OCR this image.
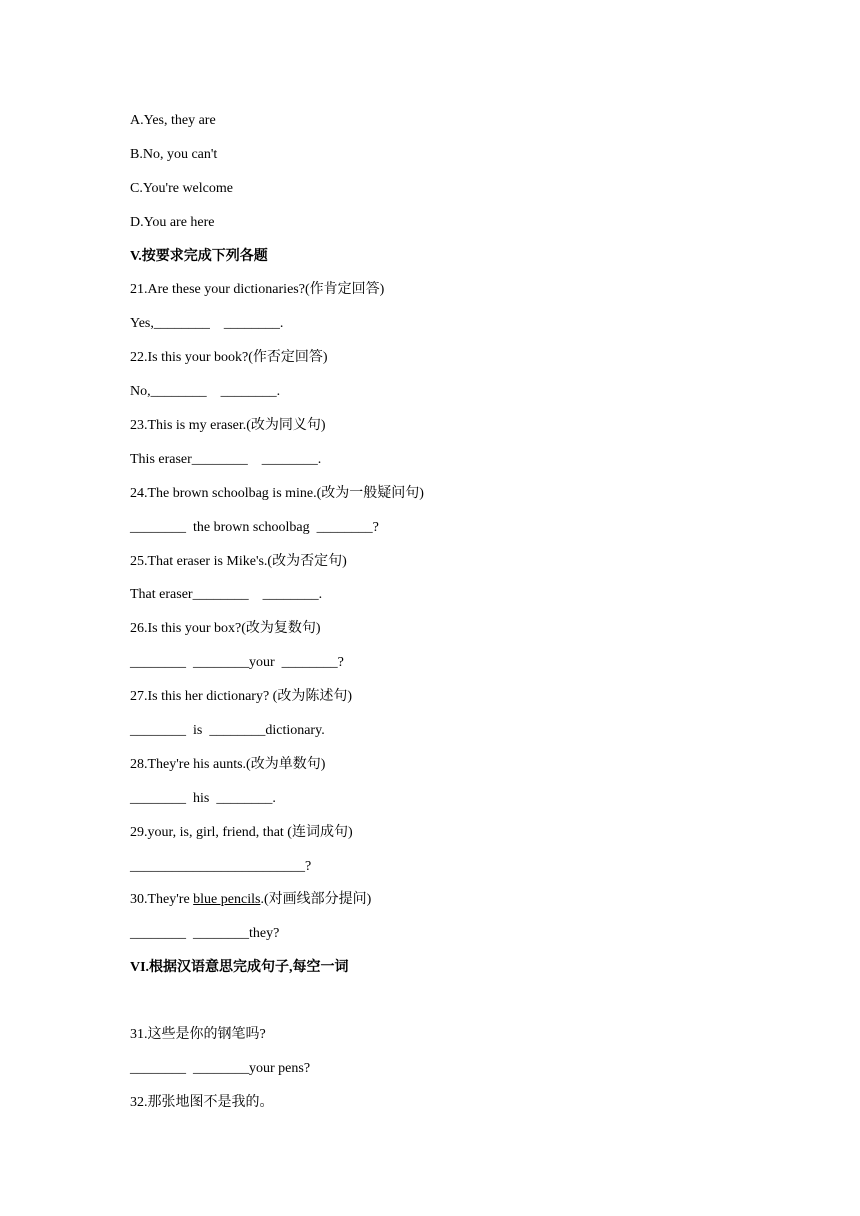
A.Yes, they are
B.No, you can't
C.You're welcome
D.You are here
V.按要求完成下列各题
21.Are these your dictionaries?(作肯定回答)
Yes,________    ________.
22.Is this your book?(作否定回答)
No,________    ________.
23.This is my eraser.(改为同义句)
This eraser________    ________.
24.The brown schoolbag is mine.(改为一般疑问句)
________  the brown schoolbag  ________?
25.That eraser is Mike's.(改为否定句)
That eraser________    ________.
26.Is this your box?(改为复数句)
________  ________your  ________?
27.Is this her dictionary? (改为陈述句)
________  is  ________dictionary.
28.They're his aunts.(改为单数句)
________  his  ________.
29.your, is, girl, friend, that (连词成句)
_________________________?
30.They're blue pencils.(对画线部分提问)
________  ________they?
VI.根据汉语意思完成句子,每空一词
31.这些是你的钢笔吗?
________  ________your pens?
32.那张地图不是我的。
